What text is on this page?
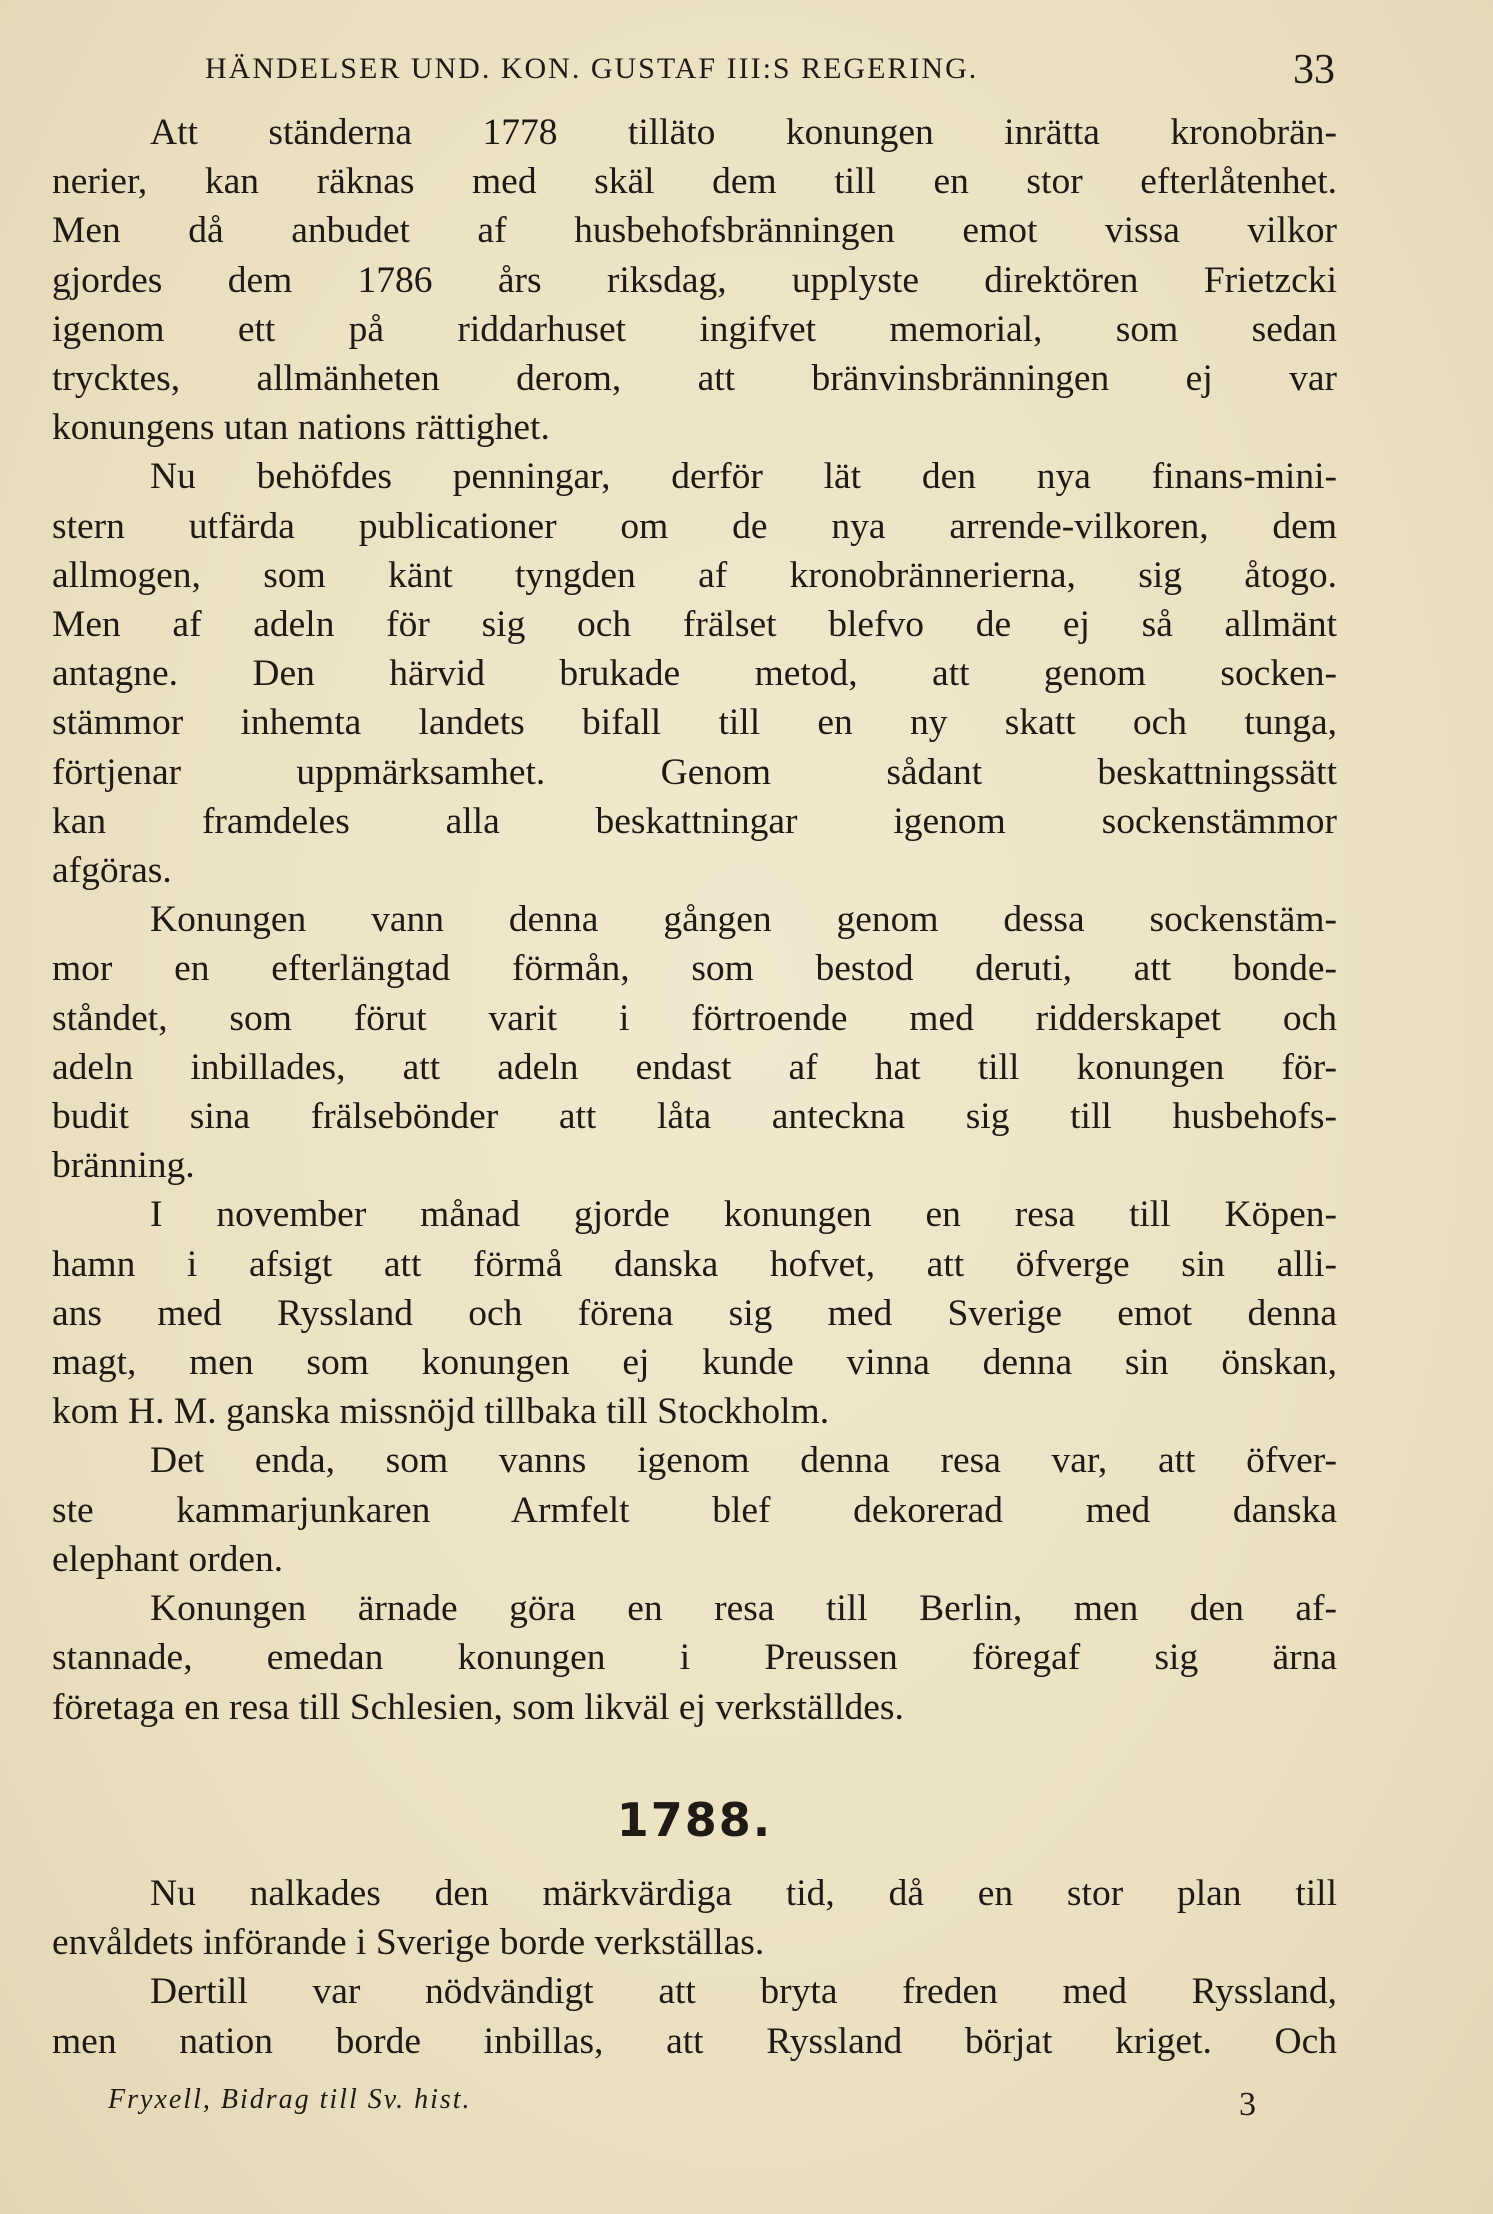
HÄNDELSER UND. KON. GUSTAF III:S REGERING.	33
Att ständerna 1778 tilläto konungen inrätta kronobrän-
nerier, kan räknas med skäl dem till en stor efterlåtenhet.
Men då anbudet af husbehofsbränningen emot vissa vilkor
gjordes dem 1786 års riksdag, upplyste direktören Frietzcki
igenom ett på riddarhuset ingifvet memorial, som sedan
trycktes, allmänheten derom, att bränvinsbränningen ej var
konungens utan nations rättighet.
Nu behöfdes penningar, derför lät den nya finans-mini-
stern utfärda publicationer om de nya arrende-vilkoren, dem
allmogen, som känt tyngden af kronobrännerierna, sig åtogo.
Men af adeln för sig och frälset blefvo de ej så allmänt
antagne. Den härvid brukade metod, att genom socken-
stämmor inhemta landets bifall till en ny skatt och tunga,
förtjenar uppmärksamhet. Genom sådant beskattningssätt
kan framdeles alla beskattningar igenom sockenstämmor
afgöras.
Konungen vann denna gången genom dessa sockenstäm-
mor en efterlängtad förmån, som bestod deruti, att bonde-
ståndet, som förut varit i förtroende med ridderskapet och
adeln inbillades, att adeln endast af hat till konungen för-
budit sina frälsebönder att låta anteckna sig till husbehofs-
bränning.
I november månad gjorde konungen en resa till Köpen-
hamn i afsigt att förmå danska hofvet, att öfverge sin alli-
ans med Ryssland och förena sig med Sverige emot denna
magt, men som konungen ej kunde vinna denna sin önskan,
kom H. M. ganska missnöjd tillbaka till Stockholm.
Det enda, som vanns igenom denna resa var, att öfver-
ste kammarjunkaren Armfelt blef dekorerad med danska
elephant orden.
Konungen ärnade göra en resa till Berlin, men den af-
stannade, emedan konungen i Preussen föregaf sig ärna
företaga en resa till Schlesien, som likväl ej verkställdes.
1788.
Nu nalkades den märkvärdiga tid, då en stor plan till
envåldets införande i Sverige borde verkställas.
Dertill var nödvändigt att bryta freden med Ryssland,
men nation borde inbillas, att Ryssland börjat kriget. Och
Fryxell, Bidrag till Sv. hist.	3
